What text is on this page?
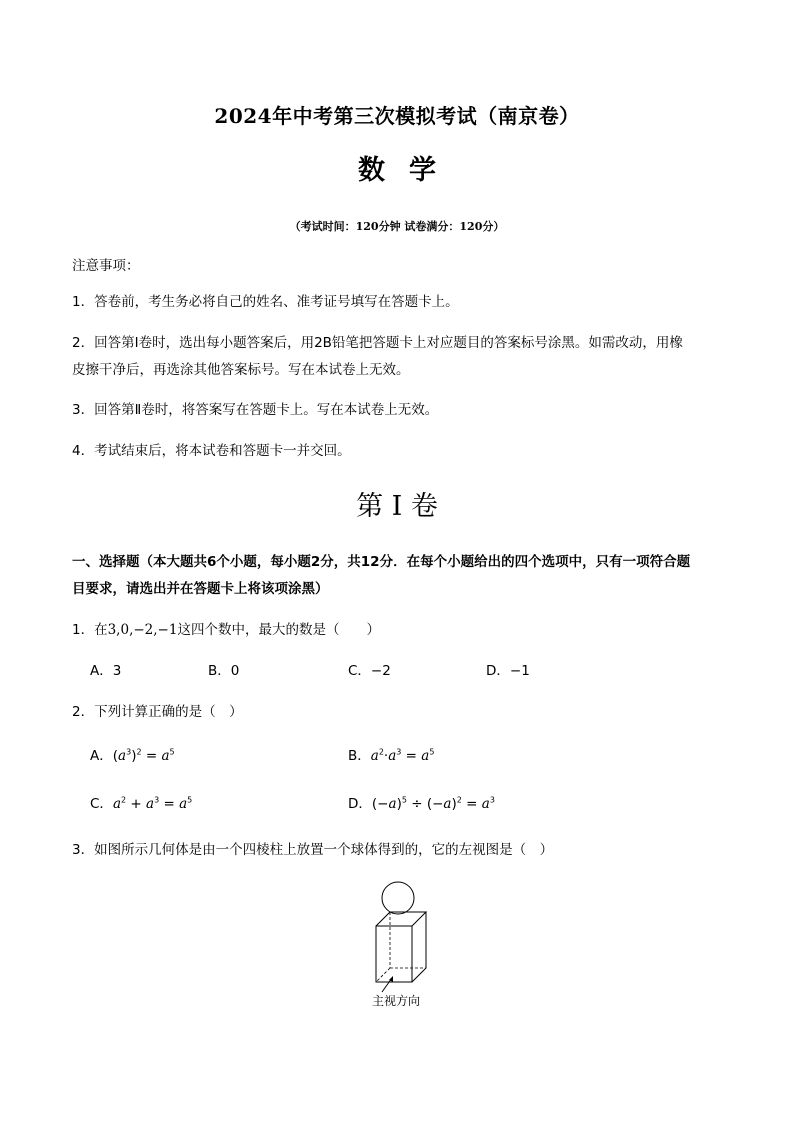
2024年中考第三次模拟考试（南京卷）
数学
（考试时间：120分钟 试卷满分：120分）
注意事项：
1．答卷前，考生务必将自己的姓名、准考证号填写在答题卡上。
2．回答第Ⅰ卷时，选出每小题答案后，用2B铅笔把答题卡上对应题目的答案标号涂黑。如需改动，用橡
皮擦干净后，再选涂其他答案标号。写在本试卷上无效。
3．回答第Ⅱ卷时，将答案写在答题卡上。写在本试卷上无效。
4．考试结束后，将本试卷和答题卡一并交回。
第 I 卷
一、选择题（本大题共6个小题，每小题2分，共12分．在每个小题给出的四个选项中，只有一项符合题
目要求，请选出并在答题卡上将该项涂黑）
1．在3,0,−2,−1这四个数中，最大的数是（　　）
A．3	B．0	C．−2	D．−1
2．下列计算正确的是（　）
A．$(a^3)^2 = a^5$	B．$a^2\cdot a^3 = a^5$
C．$a^2 + a^3 = a^5$	D．$(-a)^5 \div (-a)^2 = a^3$
3．如图所示几何体是由一个四棱柱上放置一个球体得到的，它的左视图是（　）
主视方向
